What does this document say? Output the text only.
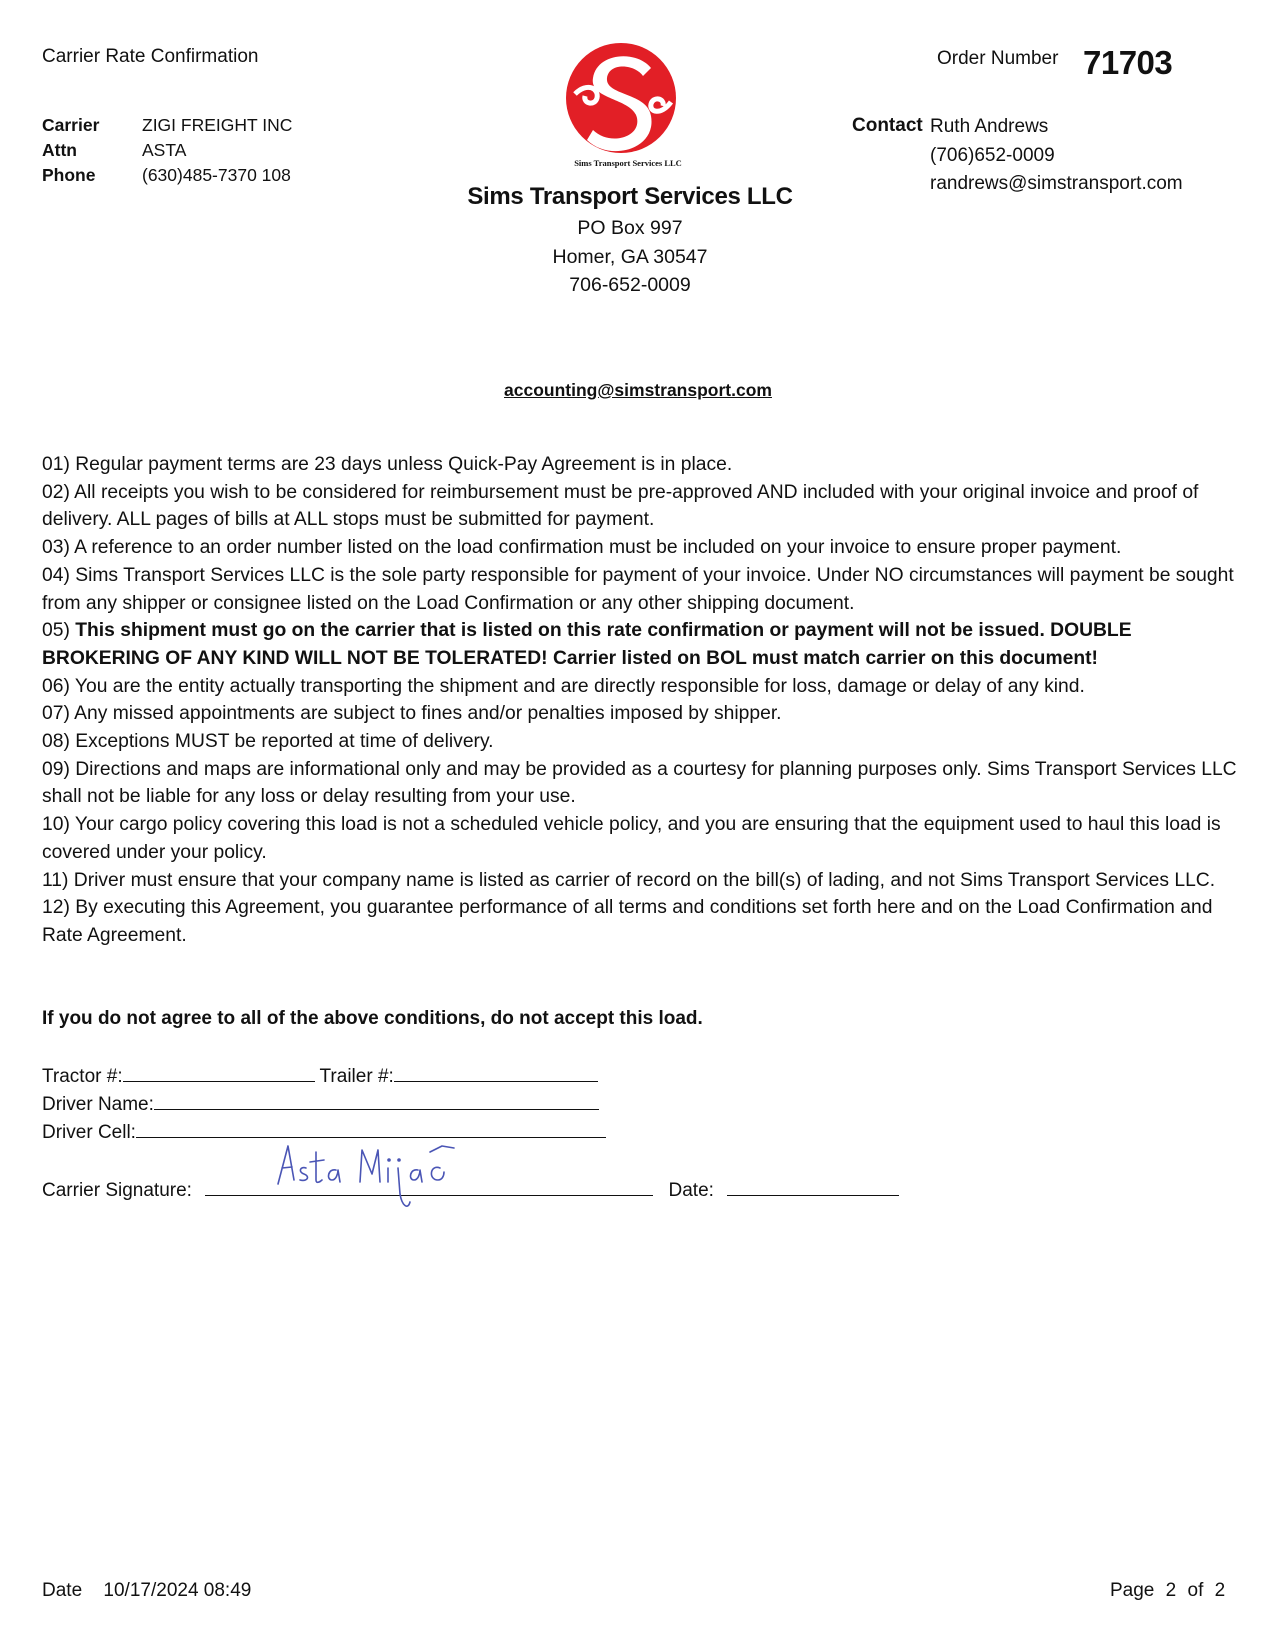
Carrier Rate Confirmation	Order Number 71703
Carrier	ZIGI FREIGHT INC
Attn	ASTA
Phone	(630)485-7370 108
Sims Transport Services LLC
Sims Transport Services LLC
PO Box 997
Homer, GA 30547
706-652-0009
Contact Ruth Andrews
(706)652-0009
randrews@simstransport.com
accounting@simstransport.com

01) Regular payment terms are 23 days unless Quick-Pay Agreement is in place.

02) All receipts you wish to be considered for reimbursement must be pre-approved AND included with your original invoice and proof of delivery. ALL pages of bills at ALL stops must be submitted for payment.

03) A reference to an order number listed on the load confirmation must be included on your invoice to ensure proper payment.

04) Sims Transport Services LLC is the sole party responsible for payment of your invoice. Under NO circumstances will payment be sought from any shipper or consignee listed on the Load Confirmation or any other shipping document.

05) This shipment must go on the carrier that is listed on this rate confirmation or payment will not be issued. DOUBLE BROKERING OF ANY KIND WILL NOT BE TOLERATED! Carrier listed on BOL must match carrier on this document!

06) You are the entity actually transporting the shipment and are directly responsible for loss, damage or delay of any kind.

07) Any missed appointments are subject to fines and/or penalties imposed by shipper.

08) Exceptions MUST be reported at time of delivery.

09) Directions and maps are informational only and may be provided as a courtesy for planning purposes only. Sims Transport Services LLC shall not be liable for any loss or delay resulting from your use.

10) Your cargo policy covering this load is not a scheduled vehicle policy, and you are ensuring that the equipment used to haul this load is covered under your policy.

11) Driver must ensure that your company name is listed as carrier of record on the bill(s) of lading, and not Sims Transport Services LLC.

12) By executing this Agreement, you guarantee performance of all terms and conditions set forth here and on the Load Confirmation and Rate Agreement.

If you do not agree to all of the above conditions, do not accept this load.
Tractor #:	Trailer #:
Driver Name:
Driver Cell:
Carrier Signature:	Date:
Asta Mijač
Date 10/17/2024 08:49	Page 2 of 2
